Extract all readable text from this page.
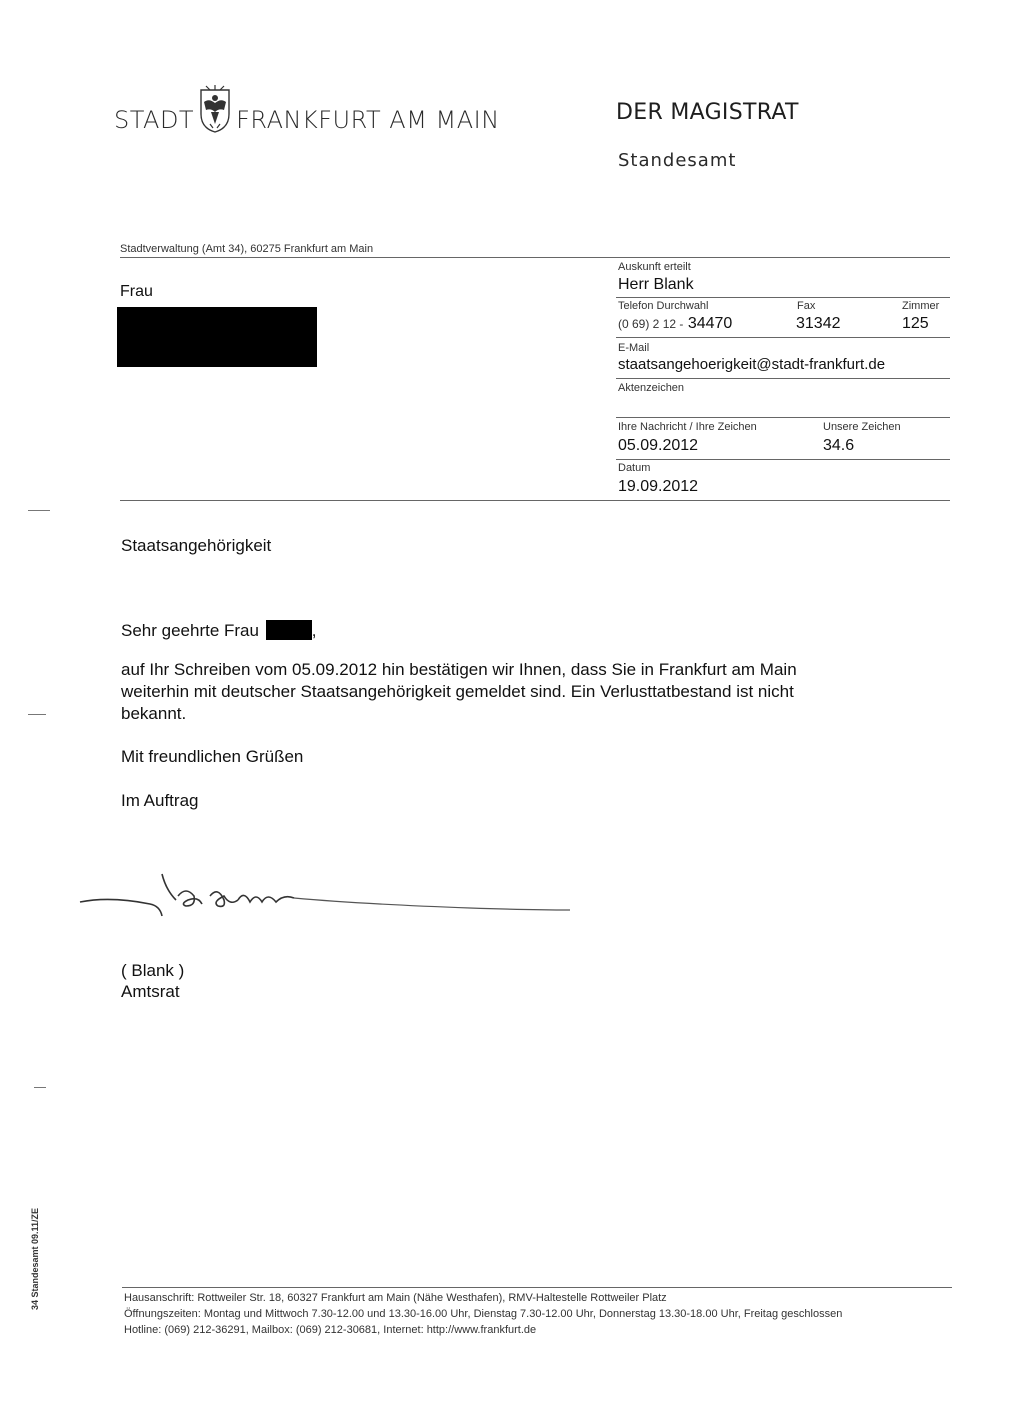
STADT FRANKFURT AM MAIN	DER MAGISTRAT
Standesamt
Stadtverwaltung (Amt 34), 60275 Frankfurt am Main
Frau
Auskunft erteilt
Herr Blank
Telefon Durchwahl
(0 69) 2 12 - 34470
Fax
31342
Zimmer
125
E-Mail
staatsangehoerigkeit@stadt-frankfurt.de
Aktenzeichen
Ihre Nachricht / Ihre Zeichen
05.09.2012
Unsere Zeichen
34.6
Datum
19.09.2012
Staatsangehörigkeit
Sehr geehrte Frau	,
auf Ihr Schreiben vom 05.09.2012 hin bestätigen wir Ihnen, dass Sie in Frankfurt am Main weiterhin mit deutscher Staatsangehörigkeit gemeldet sind. Ein Verlusttatbestand ist nicht bekannt.
Mit freundlichen Grüßen
Im Auftrag
( Blank )
Amtsrat
34 Standesamt 09.11/ZE	Hausanschrift: Rottweiler Str. 18, 60327 Frankfurt am Main (Nähe Westhafen), RMV-Haltestelle Rottweiler Platz
Öffnungszeiten: Montag und Mittwoch 7.30-12.00 und 13.30-16.00 Uhr, Dienstag 7.30-12.00 Uhr, Donnerstag 13.30-18.00 Uhr, Freitag geschlossen
Hotline: (069) 212-36291, Mailbox: (069) 212-30681, Internet: http://www.frankfurt.de
